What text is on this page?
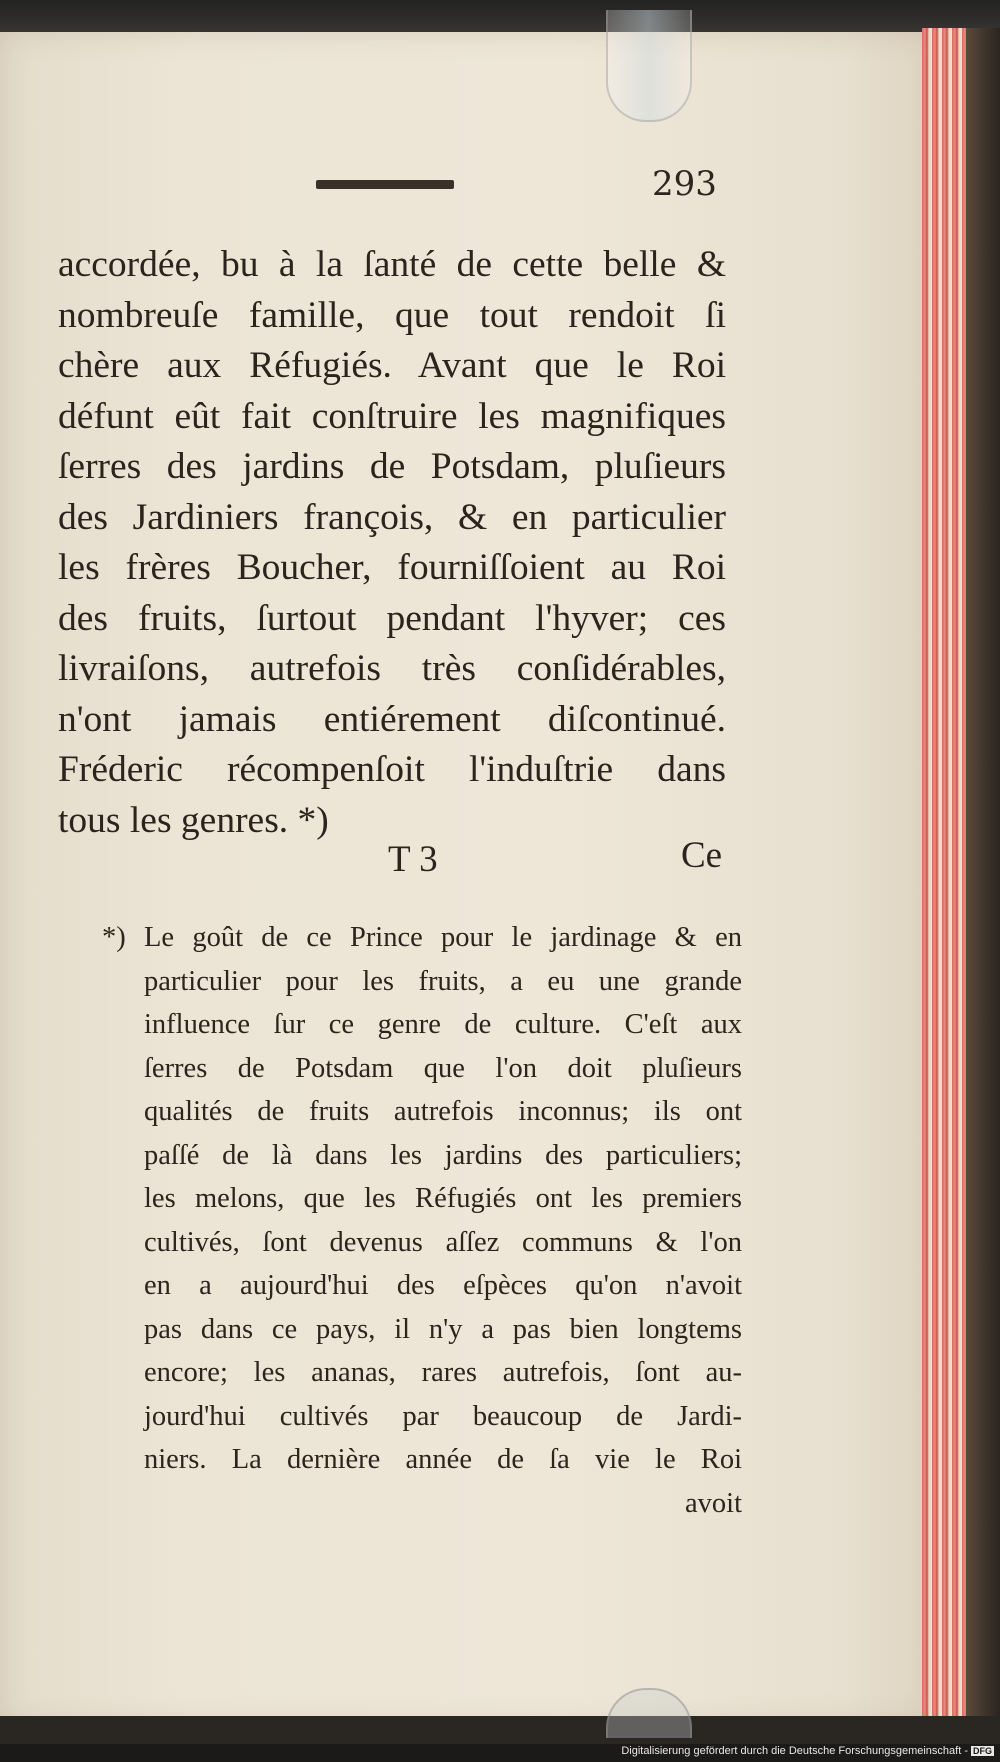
293
accordée, bu à la ſanté de cette belle &
nombreuſe famille, que tout rendoit ſi
chère aux Réfugiés. Avant que le Roi
défunt eût fait conſtruire les magnifiques
ſerres des jardins de Potsdam, pluſieurs
des Jardiniers françois, & en particulier
les frères Boucher, fourniſſoient au Roi
des fruits, ſurtout pendant l'hyver; ces
livraiſons, autrefois très conſidérables,
n'ont jamais entiérement diſcontinué.
Fréderic récompenſoit l'induſtrie dans
tous les genres. *)
T 3	Ce
*) Le goût de ce Prince pour le jardinage & en
particulier pour les fruits, a eu une grande
influence ſur ce genre de culture. C'eſt aux
ſerres de Potsdam que l'on doit pluſieurs
qualités de fruits autrefois inconnus; ils ont
paſſé de là dans les jardins des particuliers;
les melons, que les Réfugiés ont les premiers
cultivés, ſont devenus aſſez communs & l'on
en a aujourd'hui des eſpèces qu'on n'avoit
pas dans ce pays, il n'y a pas bien longtems
encore; les ananas, rares autrefois, ſont au-
jourd'hui cultivés par beaucoup de Jardi-
niers. La dernière année de ſa vie le Roi
avoit
Digitalisierung gefördert durch die Deutsche Forschungsgemeinschaft - DFG
